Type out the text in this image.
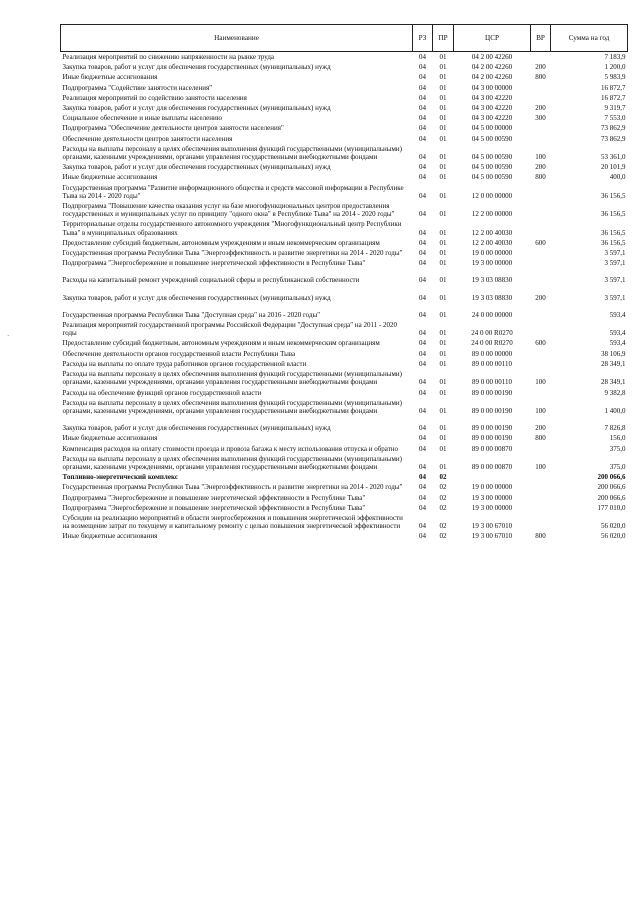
·
Наименование	РЗ	ПР	ЦСР	ВР	Сумма на год
Реализация мероприятий по снижению напряженности на рынке труда	04	01	04 2 00 42260		7 183,9
Закупка товаров, работ и услуг для обеспечения государственных (муниципальных) нужд	04	01	04 2 00 42260	200	1 200,0
Иные бюджетные ассигнования	04	01	04 2 00 42260	800	5 983,9
Подпрограмма "Содействие занятости населения"	04	01	04 3 00 00000		16 872,7
Реализация мероприятий по содействию занятости населения	04	01	04 3 00 42220		16 872,7
Закупка товаров, работ и услуг для обеспечения государственных (муниципальных) нужд	04	01	04 3 00 42220	200	9 319,7
Социальное обеспечение и иные выплаты населению	04	01	04 3 00 42220	300	7 553,0
Подпрограмма "Обеспечение деятельности центров занятости населения"	04	01	04 5 00 00000		73 862,9
Обеспечение деятельности центров занятости населения	04	01	04 5 00 00590		73 862,9
Расходы на выплаты персоналу в целях обеспечения выполнения функций государственными (муниципальными) органами, казенными учреждениями, органами управления государственными внебюджетными фондами	04	01	04 5 00 00590	100	53 361,0
Закупка товаров, работ и услуг для обеспечения государственных (муниципальных) нужд	04	01	04 5 00 00590	200	20 101,9
Иные бюджетные ассигнования	04	01	04 5 00 00590	800	400,0
Государственная программа "Развитие информационного общества и средств массовой информации в Республике Тыва на 2014 - 2020 годы"	04	01	12 0 00 00000		36 156,5
Подпрограмма "Повышение качества оказания услуг на базе многофункциональных центров предоставления государственных и муниципальных услуг по принципу "одного окна" в Республике Тыва" на 2014 - 2020 годы"	04	01	12 2 00 00000		36 156,5
Территориальные отделы государственного автономного учреждения "Многофункциональный центр Республики Тыва" в муниципальных образованиях	04	01	12 2 00 40030		36 156,5
Предоставление субсидий бюджетным, автономным учреждениям и иным некоммерческим организациям	04	01	12 2 00 40030	600	36 156,5
Государственная программа Республики Тыва "Энергоэффективность и развитие энергетики на 2014 - 2020 годы"	04	01	19 0 00 00000		3 597,1
Подпрограмма "Энергосбережение и повышение энергетической эффективности в Республике Тыва"	04	01	19 3 00 00000		3 597,1
Расходы на капитальный ремонт учреждений социальной сферы и республиканской собственности	04	01	19 3 03 08830		3 597,1
Закупка товаров, работ и услуг для обеспечения государственных (муниципальных) нужд	04	01	19 3 03 08830	200	3 597,1
Государственная программа Республики Тыва "Доступная среда" на 2016 - 2020 годы"	04	01	24 0 00 00000		593,4
Реализация мероприятий государственной программы Российской Федерации "Доступная среда" на 2011 - 2020 годы	04	01	24 0 00 R0270		593,4
Предоставление субсидий бюджетным, автономным учреждениям и иным некоммерческим организациям	04	01	24 0 00 R0270	600	593,4
Обеспечение деятельности органов государственной власти Республики Тыва	04	01	89 0 00 00000		38 106,9
Расходы на выплаты по оплате труда работников органов государственной власти	04	01	89 0 00 00110		28 349,1
Расходы на выплаты персоналу в целях обеспечения выполнения функций государственными (муниципальными) органами, казенными учреждениями, органами управления государственными внебюджетными фондами	04	01	89 0 00 00110	100	28 349,1
Расходы на обеспечение функций органов государственной власти	04	01	89 0 00 00190		9 382,8
Расходы на выплаты персоналу в целях обеспечения выполнения функций государственными (муниципальными) органами, казенными учреждениями, органами управления государственными внебюджетными фондами	04	01	89 0 00 00190	100	1 400,0
Закупка товаров, работ и услуг для обеспечения государственных (муниципальных) нужд	04	01	89 0 00 00190	200	7 826,8
Иные бюджетные ассигнования	04	01	89 0 00 00190	800	156,0
Компенсация расходов на оплату стоимости проезда и провоза багажа к месту использования отпуска и обратно	04	01	89 0 00 00870		375,0
Расходы на выплаты персоналу в целях обеспечения выполнения функций государственными (муниципальными) органами, казенными учреждениями, органами управления государственными внебюджетными фондами	04	01	89 0 00 00870	100	375,0
Топливно-энергетический комплекс	04	02			200 066,6
Государственная программа Республики Тыва "Энергоэффективность и развитие энергетики на 2014 - 2020 годы"	04	02	19 0 00 00000		200 066,6
Подпрограмма "Энергосбережение и повышение энергетической эффективности в Республике Тыва"	04	02	19 3 00 00000		200 066,6
Подпрограмма "Энергосбережение и повышение энергетической эффективности в Республике Тыва"	04	02	19 3 00 00000		177 010,0
Субсидии на реализацию мероприятий в области энергосбережения и повышения энергетической эффективности на возмещение затрат по текущему и капитальному ремонту с целью повышения энергетической эффективности	04	02	19 3 00 67010		56 020,0
Иные бюджетные ассигнования	04	02	19 3 00 67010	800	56 020,0
